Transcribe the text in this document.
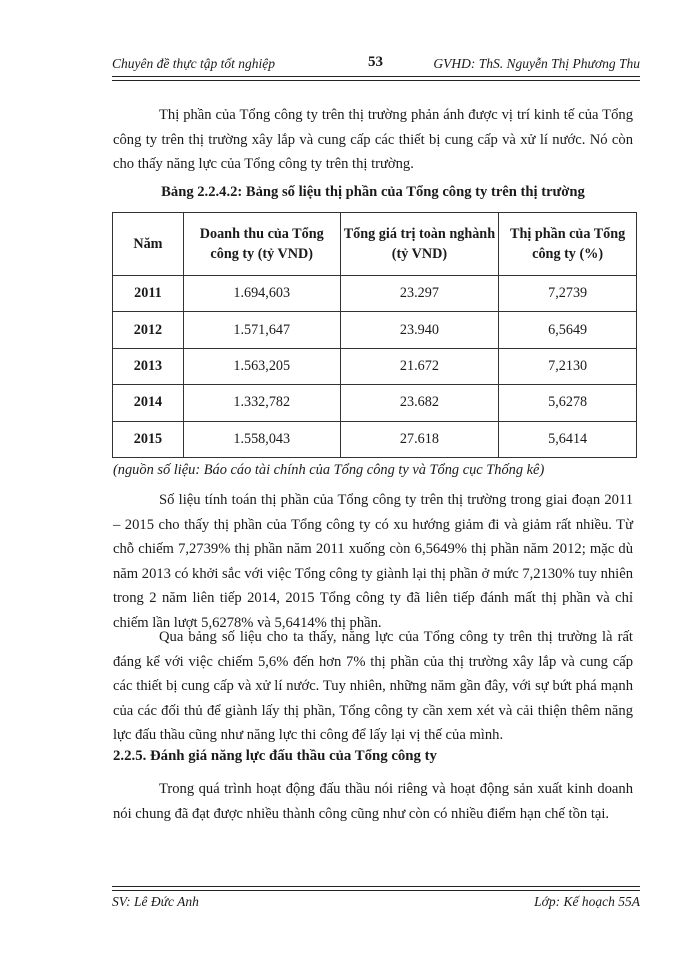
Chuyên đề thực tập tốt nghiệp	53	GVHD: ThS. Nguyễn Thị Phương Thu

Thị phần của Tổng công ty trên thị trường phản ánh được vị trí kinh tế của Tổng công ty trên thị trường xây lắp và cung cấp các thiết bị cung cấp và xử lí nước. Nó còn cho thấy năng lực của Tổng công ty trên thị trường.

Bảng 2.2.4.2: Bảng số liệu thị phần của Tổng công ty trên thị trường
Năm	Doanh thu của Tổng công ty (tỷ VND)	Tổng giá trị toàn nghành (tỷ VND)	Thị phần của Tổng công ty (%)
2011	1.694,603	23.297	7,2739
2012	1.571,647	23.940	6,5649
2013	1.563,205	21.672	7,2130
2014	1.332,782	23.682	5,6278
2015	1.558,043	27.618	5,6414
(nguồn số liệu: Báo cáo tài chính của Tổng công ty và Tổng cục Thống kê)

Số liệu tính toán thị phần của Tổng công ty trên thị trường trong giai đoạn 2011 – 2015 cho thấy thị phần của Tổng công ty có xu hướng giảm đi và giảm rất nhiều. Từ chỗ chiếm 7,2739% thị phần năm 2011 xuống còn 6,5649% thị phần năm 2012; mặc dù năm 2013 có khởi sắc với việc Tổng công ty giành lại thị phần ở mức 7,2130% tuy nhiên trong 2 năm liên tiếp 2014, 2015 Tổng công ty đã liên tiếp đánh mất thị phần và chỉ chiếm lần lượt 5,6278% và 5,6414% thị phần.

Qua bảng số liệu cho ta thấy, năng lực của Tổng công ty trên thị trường là rất đáng kể với việc chiếm 5,6% đến hơn 7% thị phần của thị trường xây lắp và cung cấp các thiết bị cung cấp và xử lí nước. Tuy nhiên, những năm gần đây, với sự bứt phá mạnh của các đối thủ để giành lấy thị phần, Tổng công ty cần xem xét và cải thiện thêm năng lực đấu thầu cũng như năng lực thi công để lấy lại vị thế của mình.

2.2.5. Đánh giá năng lực đấu thầu của Tổng công ty

Trong quá trình hoạt động đấu thầu nói riêng và hoạt động sản xuất kinh doanh nói chung đã đạt được nhiều thành công cũng như còn có nhiều điểm hạn chế tồn tại.

SV: Lê Đức Anh	Lớp: Kế hoạch 55A
